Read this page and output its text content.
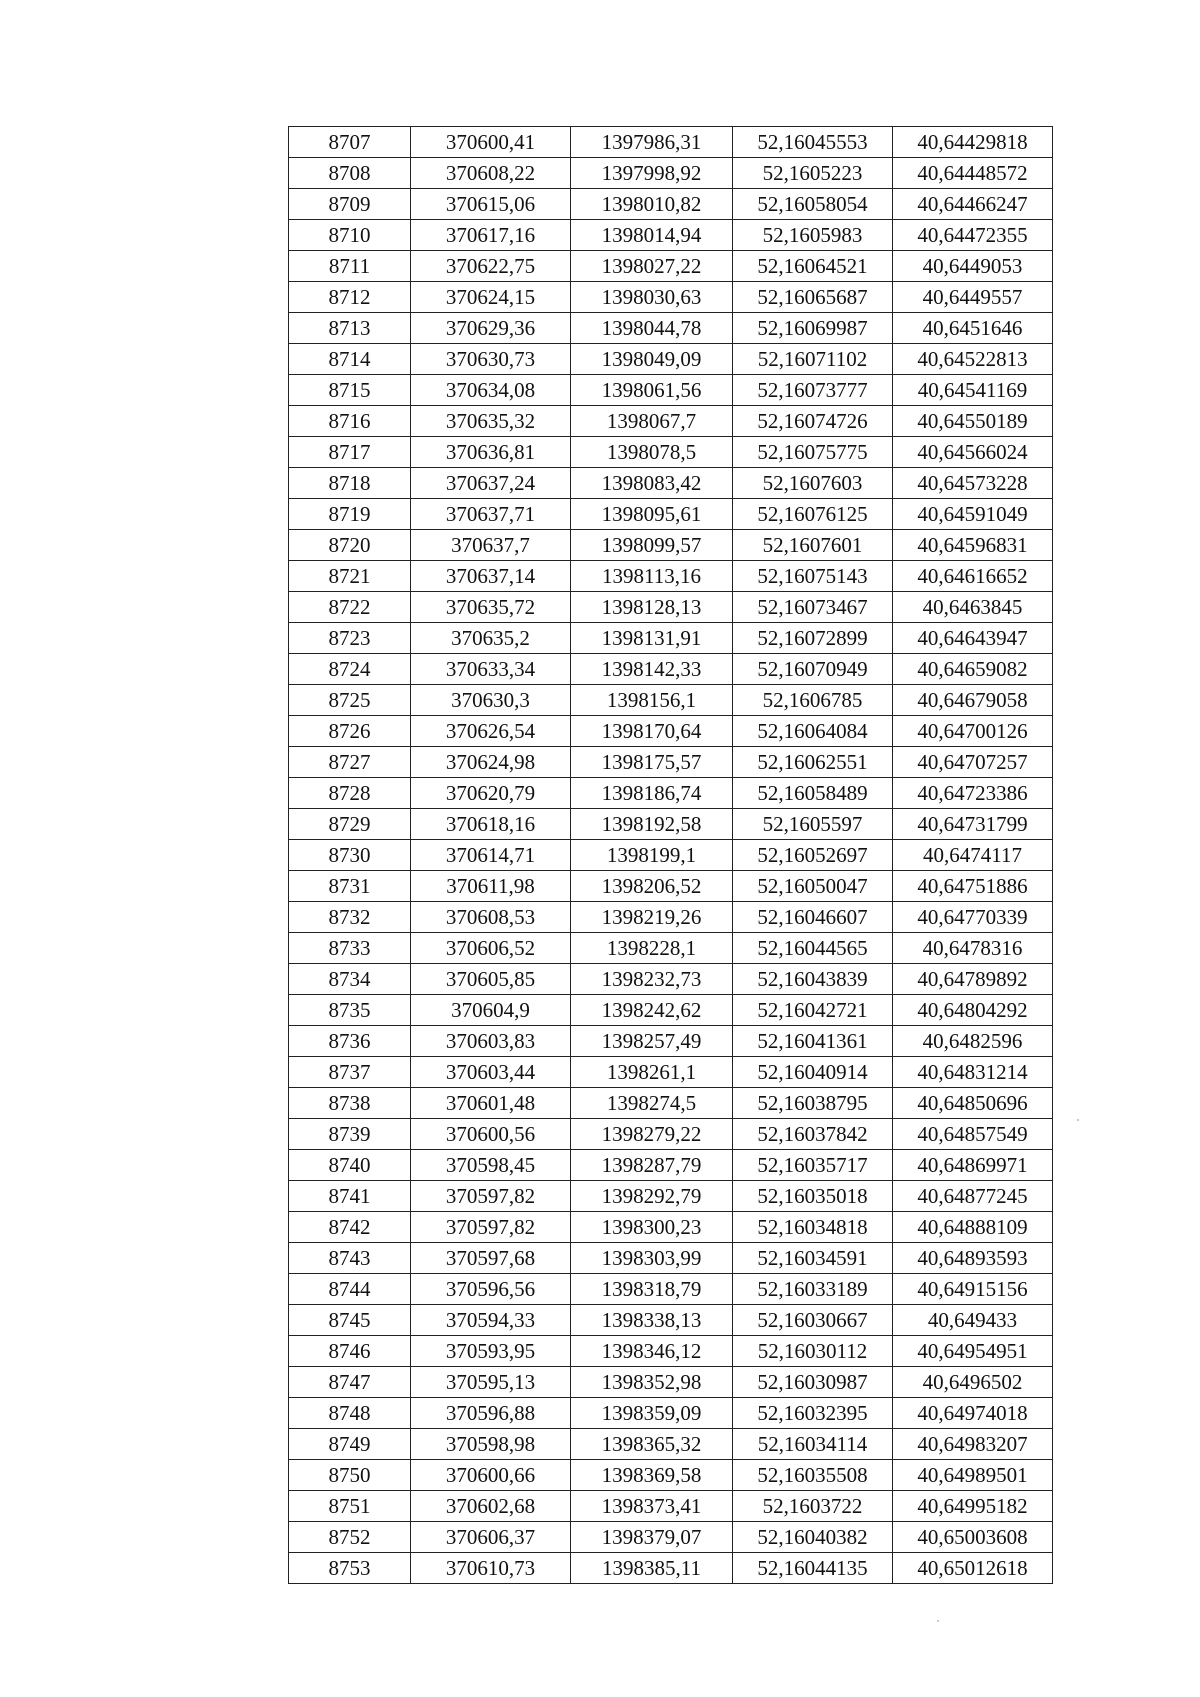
8707	370600,41	1397986,31	52,16045553	40,64429818
8708	370608,22	1397998,92	52,1605223	40,64448572
8709	370615,06	1398010,82	52,16058054	40,64466247
8710	370617,16	1398014,94	52,1605983	40,64472355
8711	370622,75	1398027,22	52,16064521	40,6449053
8712	370624,15	1398030,63	52,16065687	40,6449557
8713	370629,36	1398044,78	52,16069987	40,6451646
8714	370630,73	1398049,09	52,16071102	40,64522813
8715	370634,08	1398061,56	52,16073777	40,64541169
8716	370635,32	1398067,7	52,16074726	40,64550189
8717	370636,81	1398078,5	52,16075775	40,64566024
8718	370637,24	1398083,42	52,1607603	40,64573228
8719	370637,71	1398095,61	52,16076125	40,64591049
8720	370637,7	1398099,57	52,1607601	40,64596831
8721	370637,14	1398113,16	52,16075143	40,64616652
8722	370635,72	1398128,13	52,16073467	40,6463845
8723	370635,2	1398131,91	52,16072899	40,64643947
8724	370633,34	1398142,33	52,16070949	40,64659082
8725	370630,3	1398156,1	52,1606785	40,64679058
8726	370626,54	1398170,64	52,16064084	40,64700126
8727	370624,98	1398175,57	52,16062551	40,64707257
8728	370620,79	1398186,74	52,16058489	40,64723386
8729	370618,16	1398192,58	52,1605597	40,64731799
8730	370614,71	1398199,1	52,16052697	40,6474117
8731	370611,98	1398206,52	52,16050047	40,64751886
8732	370608,53	1398219,26	52,16046607	40,64770339
8733	370606,52	1398228,1	52,16044565	40,6478316
8734	370605,85	1398232,73	52,16043839	40,64789892
8735	370604,9	1398242,62	52,16042721	40,64804292
8736	370603,83	1398257,49	52,16041361	40,6482596
8737	370603,44	1398261,1	52,16040914	40,64831214
8738	370601,48	1398274,5	52,16038795	40,64850696
8739	370600,56	1398279,22	52,16037842	40,64857549
8740	370598,45	1398287,79	52,16035717	40,64869971
8741	370597,82	1398292,79	52,16035018	40,64877245
8742	370597,82	1398300,23	52,16034818	40,64888109
8743	370597,68	1398303,99	52,16034591	40,64893593
8744	370596,56	1398318,79	52,16033189	40,64915156
8745	370594,33	1398338,13	52,16030667	40,649433
8746	370593,95	1398346,12	52,16030112	40,64954951
8747	370595,13	1398352,98	52,16030987	40,6496502
8748	370596,88	1398359,09	52,16032395	40,64974018
8749	370598,98	1398365,32	52,16034114	40,64983207
8750	370600,66	1398369,58	52,16035508	40,64989501
8751	370602,68	1398373,41	52,1603722	40,64995182
8752	370606,37	1398379,07	52,16040382	40,65003608
8753	370610,73	1398385,11	52,16044135	40,65012618
